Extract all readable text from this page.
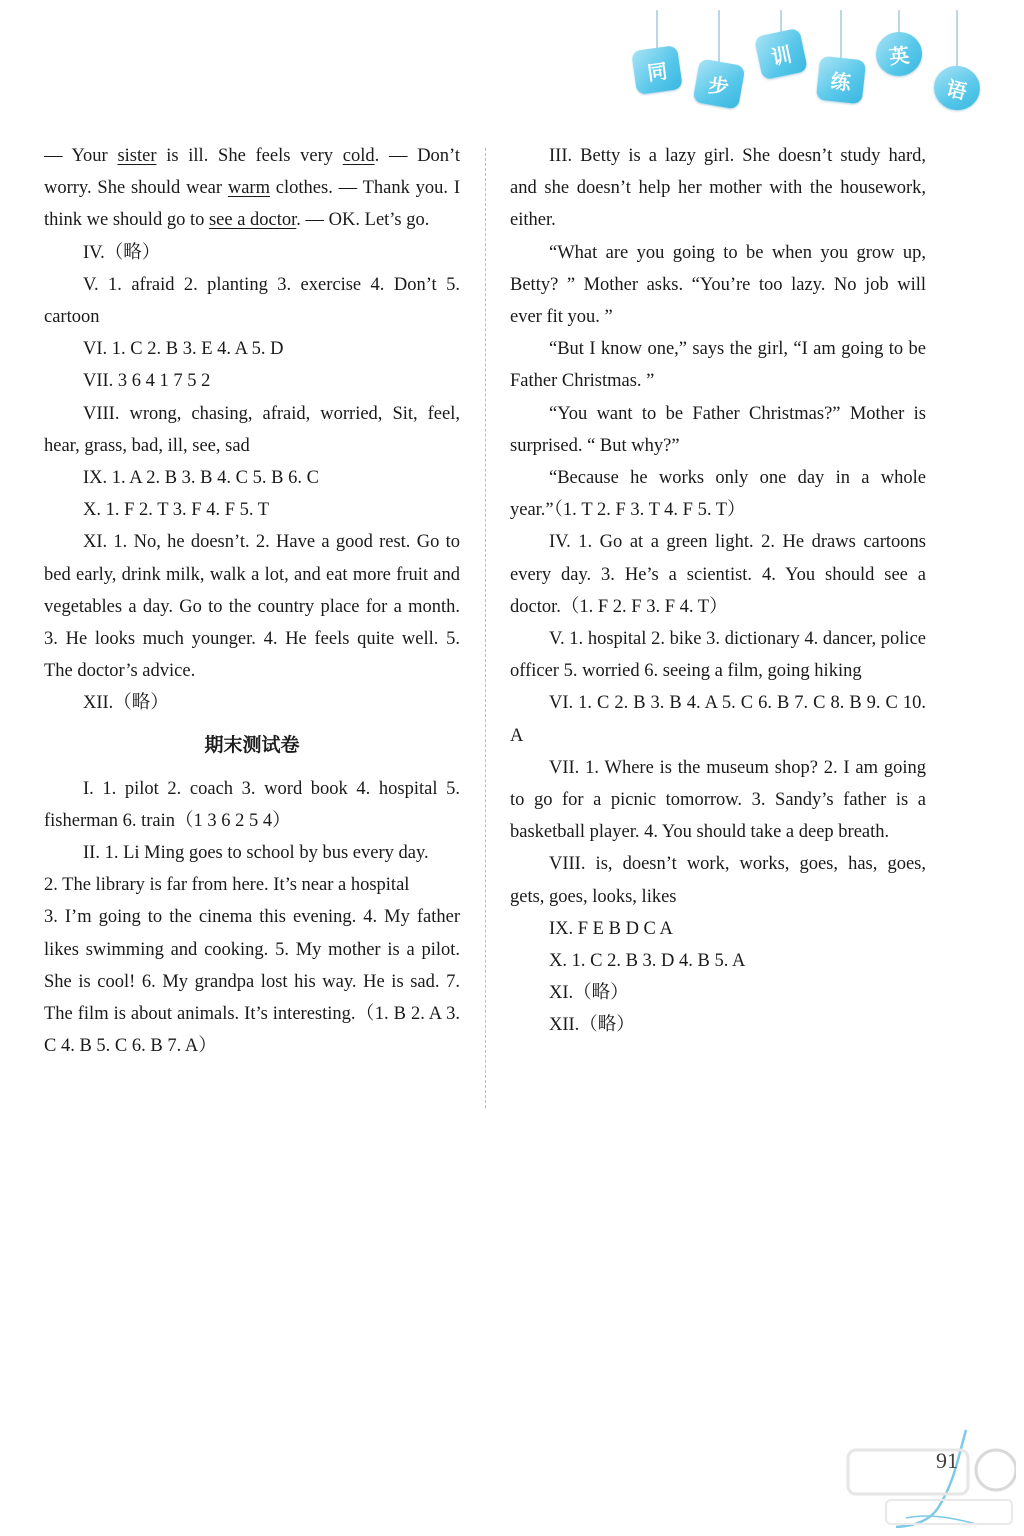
同
步
训
练
英
语

— Your sister is ill. She feels very cold. — Don’t worry. She should wear warm clothes. — Thank you. I think we should go to see a doctor. — OK. Let’s go.

IV.（略）

V. 1. afraid 2. planting 3. exercise 4. Don’t 5. cartoon

VI. 1. C 2. B 3. E 4. A 5. D

VII. 3 6 4 1 7 5 2

VIII. wrong, chasing, afraid, worried, Sit, feel, hear, grass, bad, ill, see, sad

IX. 1. A 2. B 3. B 4. C 5. B 6. C

X. 1. F 2. T 3. F 4. F 5. T

XI. 1. No, he doesn’t. 2. Have a good rest. Go to bed early, drink milk, walk a lot, and eat more fruit and vegetables a day. Go to the country place for a month. 3. He looks much younger. 4. He feels quite well. 5. The doctor’s advice.

XII.（略）

期末测试卷

I. 1. pilot 2. coach 3. word book 4. hospital 5. fisherman 6. train（1 3 6 2 5 4）

II. 1. Li Ming goes to school by bus every day.

2. The library is far from here. It’s near a hospital

3. I’m going to the cinema this evening. 4. My father likes swimming and cooking. 5. My mother is a pilot. She is cool! 6. My grandpa lost his way. He is sad. 7. The film is about animals. It’s interesting.（1. B 2. A 3. C 4. B 5. C 6. B 7. A）

III. Betty is a lazy girl. She doesn’t study hard, and she doesn’t help her mother with the housework, either.

“What are you going to be when you grow up, Betty? ” Mother asks. “You’re too lazy. No job will ever fit you. ”

“But I know one,” says the girl, “I am going to be Father Christmas. ”

“You want to be Father Christmas?” Mother is surprised. “ But why?”

“Because he works only one day in a whole year.”（1. T 2. F 3. T 4. F 5. T）

IV. 1. Go at a green light. 2. He draws cartoons every day. 3. He’s a scientist. 4. You should see a doctor.（1. F 2. F 3. F 4. T）

V. 1. hospital 2. bike 3. dictionary 4. dancer, police officer 5. worried 6. seeing a film, going hiking

VI. 1. C 2. B 3. B 4. A 5. C 6. B 7. C 8. B 9. C 10. A

VII. 1. Where is the museum shop? 2. I am going to go for a picnic tomorrow. 3. Sandy’s father is a basketball player. 4. You should take a deep breath.

VIII. is, doesn’t work, works, goes, has, goes, gets, goes, looks, likes

IX. F E B D C A

X. 1. C 2. B 3. D 4. B 5. A

XI.（略）

XII.（略）

91
